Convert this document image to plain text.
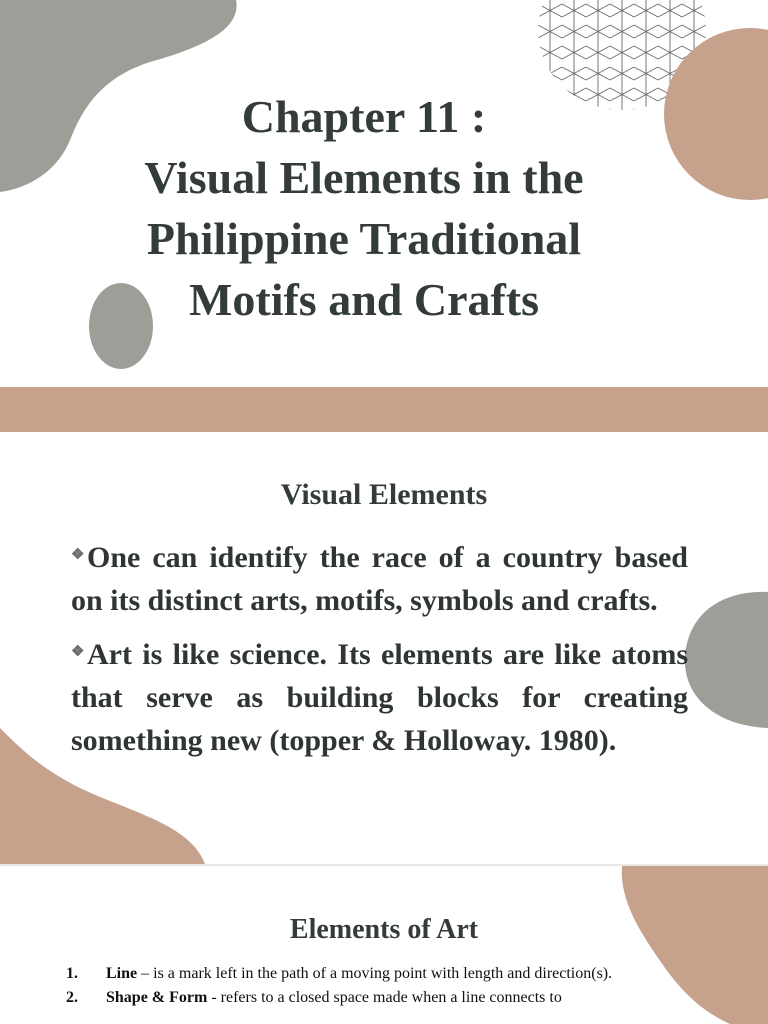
Chapter 11 :
Visual Elements in the
Philippine Traditional
Motifs and Crafts
Visual Elements
❖One can identify the race of a country based on its distinct arts, motifs, symbols and crafts.
❖Art is like science. Its elements are like atoms that serve as building blocks for creating something new (topper & Holloway. 1980).
Elements of Art
1.	Line – is a mark left in the path of a moving point with length and direction(s).
2.	Shape & Form - refers to a closed space made when a line connects to
